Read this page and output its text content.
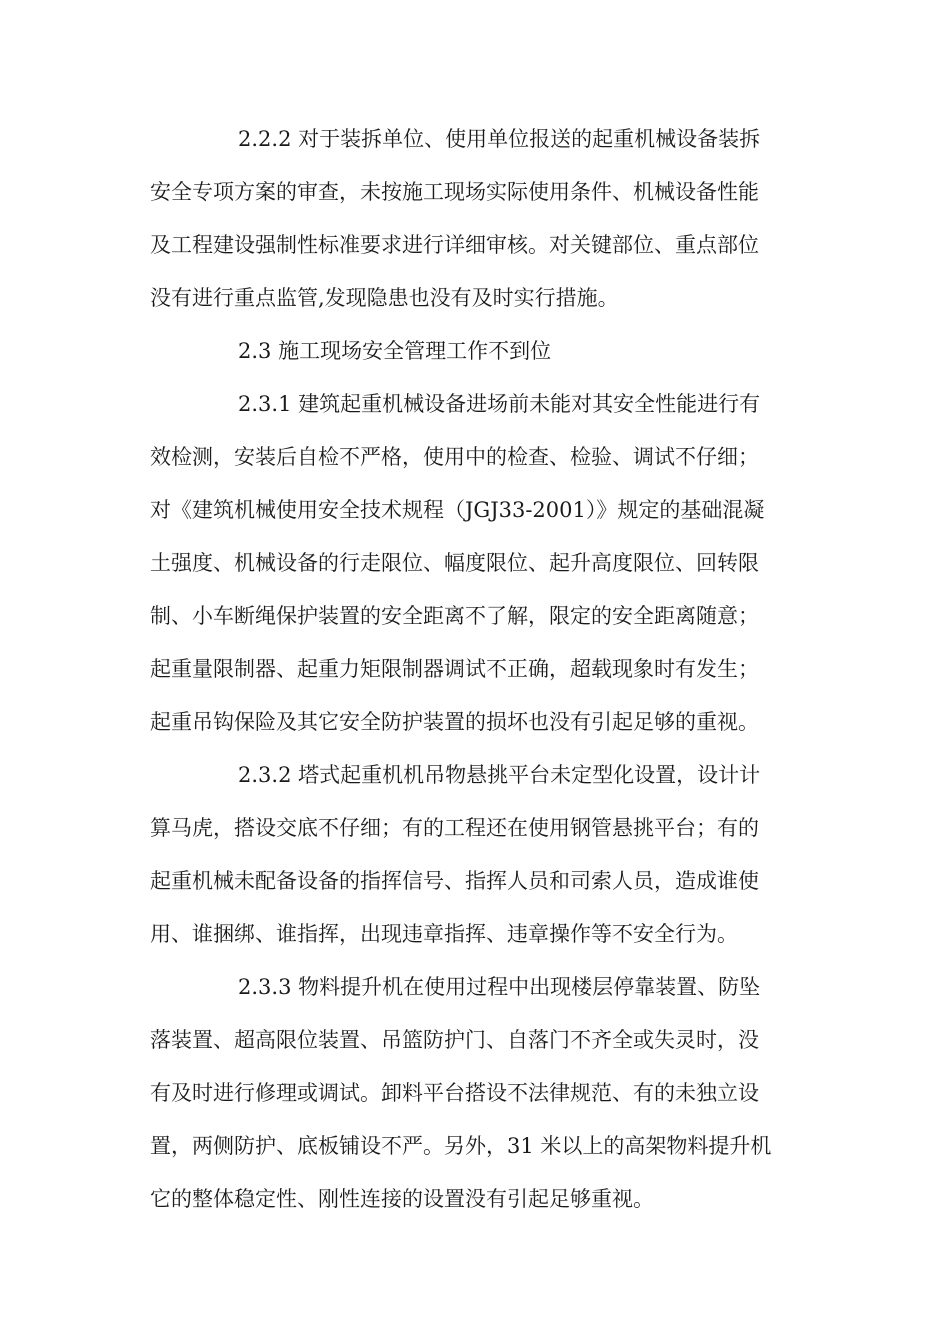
2.2.2 对于装拆单位、使用单位报送的起重机械设备装拆
安全专项方案的审查，未按施工现场实际使用条件、机械设备性能
及工程建设强制性标准要求进行详细审核。对关键部位、重点部位
没有进行重点监管,发现隐患也没有及时实行措施。
2.3 施工现场安全管理工作不到位
2.3.1 建筑起重机械设备进场前未能对其安全性能进行有
效检测，安装后自检不严格，使用中的检查、检验、调试不仔细；
对《建筑机械使用安全技术规程（JGJ33-2001）》规定的基础混凝
土强度、机械设备的行走限位、幅度限位、起升高度限位、回转限
制、小车断绳保护装置的安全距离不了解，限定的安全距离随意；
起重量限制器、起重力矩限制器调试不正确，超载现象时有发生；
起重吊钩保险及其它安全防护装置的损坏也没有引起足够的重视。
2.3.2 塔式起重机机吊物悬挑平台未定型化设置，设计计
算马虎，搭设交底不仔细；有的工程还在使用钢管悬挑平台；有的
起重机械未配备设备的指挥信号、指挥人员和司索人员，造成谁使
用、谁捆绑、谁指挥，出现违章指挥、违章操作等不安全行为。
2.3.3 物料提升机在使用过程中出现楼层停靠装置、防坠
落装置、超高限位装置、吊篮防护门、自落门不齐全或失灵时，没
有及时进行修理或调试。卸料平台搭设不法律规范、有的未独立设
置，两侧防护、底板铺设不严。另外，31 米以上的高架物料提升机
它的整体稳定性、刚性连接的设置没有引起足够重视。
